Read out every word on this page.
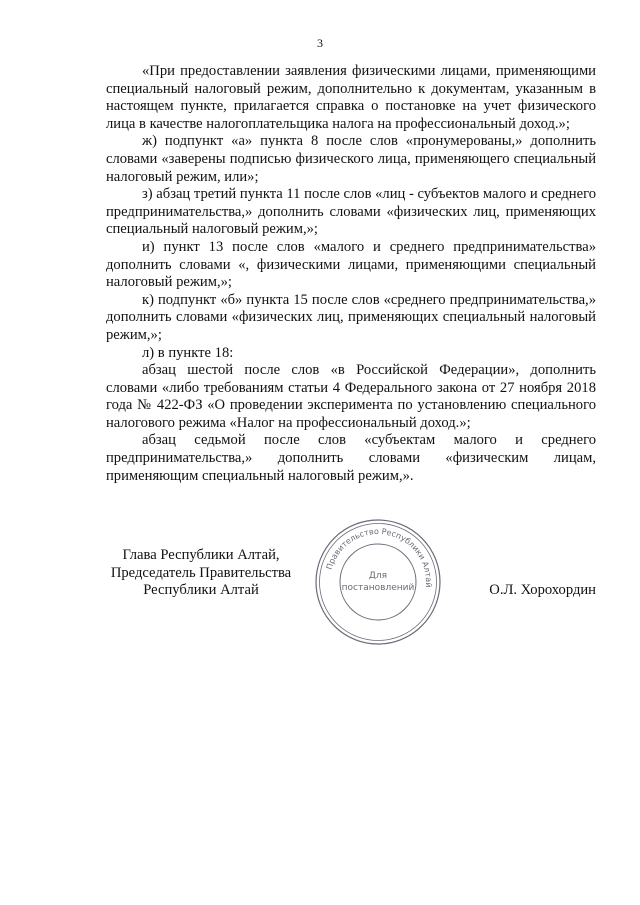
3

«При предоставлении заявления физическими лицами, применяющими специальный налоговый режим, дополнительно к документам, указанным в настоящем пункте, прилагается справка о постановке на учет физического лица в качестве налогоплательщика налога на профессиональный доход.»;

ж) подпункт «а» пункта 8 после слов «пронумерованы,» дополнить словами «заверены подписью физического лица, применяющего специальный налоговый режим, или»;

з) абзац третий пункта 11 после слов «лиц - субъектов малого и среднего предпринимательства,» дополнить словами «физических лиц, применяющих специальный налоговый режим,»;

и) пункт 13 после слов «малого и среднего предпринимательства» дополнить словами «, физическими лицами, применяющими специальный налоговый режим,»;

к) подпункт «б» пункта 15 после слов «среднего предпринимательства,» дополнить словами «физических лиц, применяющих специальный налоговый режим,»;

л) в пункте 18:

абзац шестой после слов «в Российской Федерации», дополнить словами «либо требованиям статьи 4 Федерального закона от 27 ноября 2018 года № 422-ФЗ «О проведении эксперимента по установлению специального налогового режима «Налог на профессиональный доход.»;

абзац седьмой после слов «субъектам малого и среднего предпринимательства,» дополнить словами «физическим лицам, применяющим специальный налоговый режим,».

Глава Республики Алтай,
Председатель Правительства
Республики Алтай	О.Л. Хорохордин
Правительство Республики Алтай
Для
постановлений
